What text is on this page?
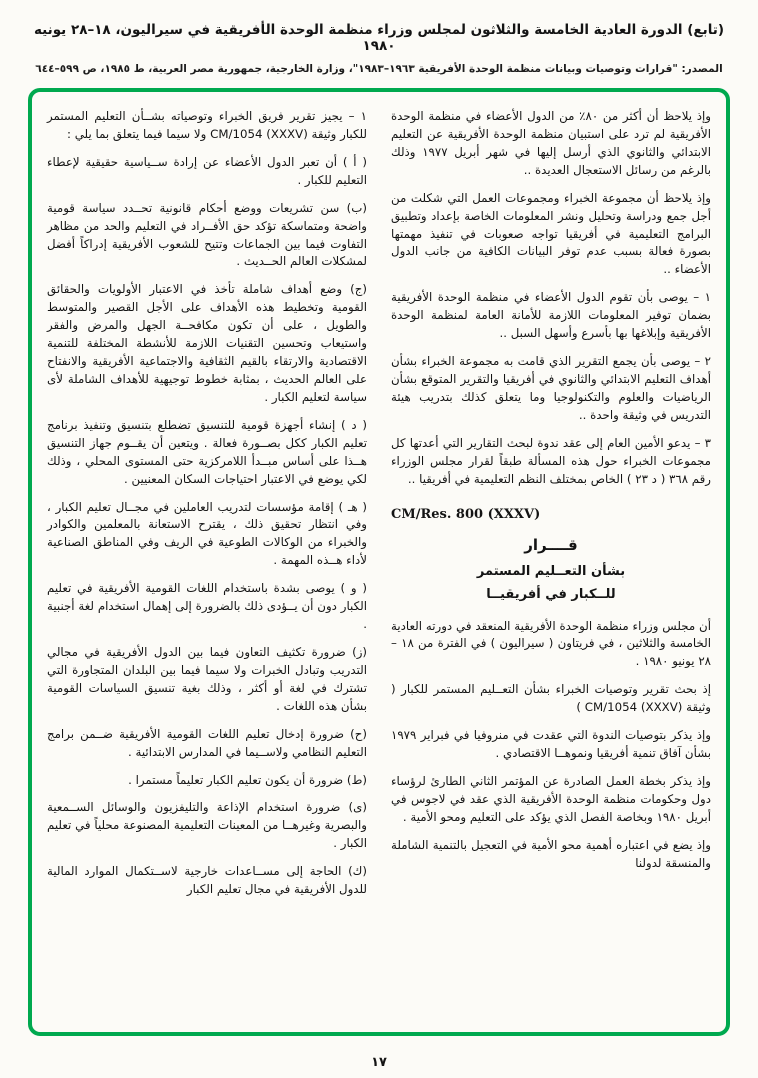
(تابع) الدورة العادية الخامسة والثلاثون لمجلس وزراء منظمة الوحدة الأفريقية في سيراليون، ١٨–٢٨ يونيه ١٩٨٠
المصدر: "قرارات وتوصيات وبيانات منظمة الوحدة الأفريقية ١٩٦٣–١٩٨٣"، وزارة الخارجية، جمهورية مصر العربية، ط ١٩٨٥، ص ٥٩٩–٦٤٤

وإذ يلاحظ أن أكثر من ٨٠٪ من الدول الأعضاء في منظمة الوحدة الأفريقية لم ترد على استبيان منظمة الوحدة الأفريقية عن التعليم الابتدائي والثانوي الذي أرسل إليها في شهر أبريل ١٩٧٧ وذلك بالرغم من رسائل الاستعجال العديدة ..

وإذ يلاحظ أن مجموعة الخبراء ومجموعات العمل التي شكلت من أجل جمع ودراسة وتحليل ونشر المعلومات الخاصة بإعداد وتطبيق البرامج التعليمية في أفريقيا تواجه صعوبات في تنفيذ مهمتها بصورة فعالة بسبب عدم توفر البيانات الكافية من جانب الدول الأعضاء ..

١ – يوصى بأن تقوم الدول الأعضاء في منظمة الوحدة الأفريقية بضمان توفير المعلومات اللازمة للأمانة العامة لمنظمة الوحدة الأفريقية وإبلاغها بها بأسرع وأسهل السبل ..

٢ – يوصى بأن يجمع التقرير الذي قامت به مجموعة الخبراء بشأن أهداف التعليم الابتدائي والثانوي في أفريقيا والتقرير المتوقع بشأن الرياضيات والعلوم والتكنولوجيا وما يتعلق كذلك بتدريب هيئة التدريس في وثيقة واحدة ..

٣ – يدعو الأمين العام إلى عقد ندوة لبحث التقارير التي أعدتها كل مجموعات الخبراء حول هذه المسألة طبقاً لقرار مجلس الوزراء رقم ٣٦٨ ( د ٢٣ ) الخاص بمختلف النظم التعليمية في أفريقيا ..

CM/Res. 800 (XXXV)

قــــرار

بشأن التعــليم المستمر

للــكبار في أفريقيــا

أن مجلس وزراء منظمة الوحدة الأفريقية المنعقد في دورته العادية الخامسة والثلاثين ، في فريتاون ( سيراليون ) في الفترة من ١٨ – ٢٨ يونيو ١٩٨٠ .

إذ بحث تقرير وتوصيات الخبراء بشأن التعــليم المستمر للكبار ( وثيقة CM/1054 (XXXV) )

وإذ يذكر بتوصيات الندوة التي عقدت في منروفيا في فبراير ١٩٧٩ بشأن آفاق تنمية أفريقيا ونموهــا الاقتصادي .

وإذ يذكر بخطة العمل الصادرة عن المؤتمر الثاني الطارئ لرؤساء دول وحكومات منظمة الوحدة الأفريقية الذي عقد في لاجوس في أبريل ١٩٨٠ وبخاصة الفصل الذي يؤكد على التعليم ومحو الأمية .

وإذ يضع في اعتباره أهمية محو الأمية في التعجيل بالتنمية الشاملة والمنسقة لدولنا

١ – يجيز تقرير فريق الخبراء وتوصياته بشــأن التعليم المستمر للكبار وثيقة CM/1054 (XXXV) ولا سيما فيما يتعلق بما يلي :

( أ ) أن تعبر الدول الأعضاء عن إرادة ســياسية حقيقية لإعطاء التعليم للكبار .

(ب) سن تشريعات ووضع أحكام قانونية تحــدد سياسة قومية واضحة ومتماسكة تؤكد حق الأفــراد في التعليم والحد من مظاهر التفاوت فيما بين الجماعات وتتيح للشعوب الأفريقية إدراكاً أفضل لمشكلات العالم الحــديث .

(ج) وضع أهداف شاملة تأخذ في الاعتبار الأولويات والحقائق القومية وتخطيط هذه الأهداف على الأجل القصير والمتوسط والطويل ، على أن تكون مكافحــة الجهل والمرض والفقر واستيعاب وتحسين التقنيات اللازمة للأنشطة المختلفة للتنمية الاقتصادية والارتقاء بالقيم الثقافية والاجتماعية الأفريقية والانفتاح على العالم الحديث ، بمثابة خطوط توجيهية للأهداف الشاملة لأى سياسة لتعليم الكبار .

( د ) إنشاء أجهزة قومية للتنسيق تضطلع بتنسيق وتنفيذ برنامج تعليم الكبار ككل بصــورة فعالة . ويتعين أن يقــوم جهاز التنسيق هــذا على أساس مبــدأ اللامركزية حتى المستوى المحلي ، وذلك لكي يوضع في الاعتبار احتياجات السكان المعنيين .

( هـ ) إقامة مؤسسات لتدريب العاملين في مجــال تعليم الكبار ، وفي انتظار تحقيق ذلك ، يقترح الاستعانة بالمعلمين والكوادر والخبراء من الوكالات الطوعية في الريف وفي المناطق الصناعية لأداء هــذه المهمة .

( و ) يوصى بشدة باستخدام اللغات القومية الأفريقية في تعليم الكبار دون أن يــؤدى ذلك بالضرورة إلى إهمال استخدام لغة أجنبية .

(ز) ضرورة تكثيف التعاون فيما بين الدول الأفريقية في مجالي التدريب وتبادل الخبرات ولا سيما فيما بين البلدان المتجاورة التي تشترك في لغة أو أكثر ، وذلك بغية تنسيق السياسات القومية بشأن هذه اللغات .

(ح) ضرورة إدخال تعليم اللغات القومية الأفريقية ضــمن برامج التعليم النظامي ولاســيما في المدارس الابتدائية .

(ط) ضرورة أن يكون تعليم الكبار تعليماً مستمرا .

(ى) ضرورة استخدام الإذاعة والتليفزيون والوسائل الســمعية والبصرية وغيرهــا من المعينات التعليمية المصنوعة محلياً في تعليم الكبار .

(ك) الحاجة إلى مســاعدات خارجية لاســتكمال الموارد المالية للدول الأفريقية في مجال تعليم الكبار

١٧
